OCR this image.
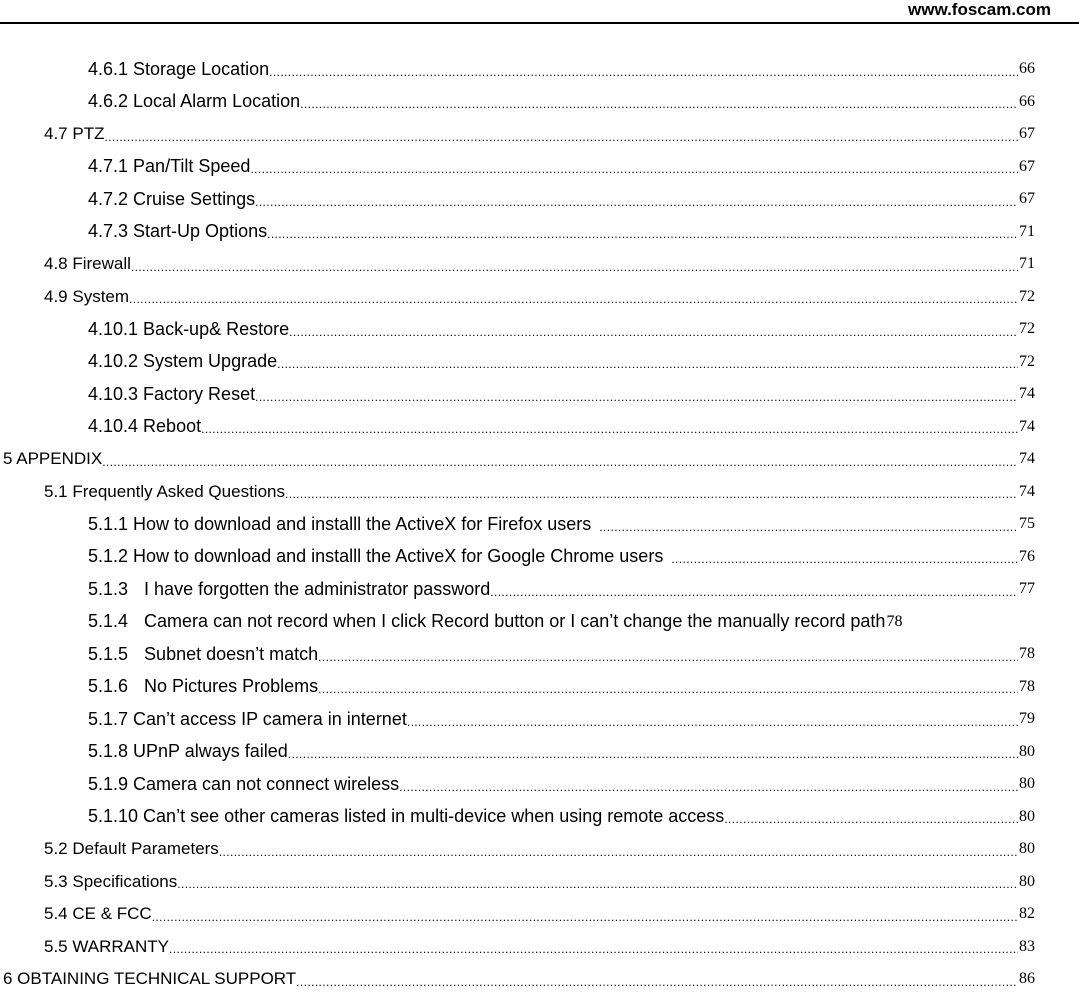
www.foscam.com
4.6.1 Storage Location .....	66
4.6.2 Local Alarm Location .....	66
4.7 PTZ .....	67
4.7.1 Pan/Tilt Speed .....	67
4.7.2 Cruise Settings .....	67
4.7.3 Start-Up Options .....	71
4.8 Firewall .....	71
4.9 System .....	72
4.10.1 Back-up& Restore .....	72
4.10.2 System Upgrade .....	72
4.10.3 Factory Reset .....	74
4.10.4 Reboot .....	74
5 APPENDIX .....	74
5.1 Frequently Asked Questions .....	74
5.1.1 How to download and installl the ActiveX for Firefox users .....	75
5.1.2 How to download and installl the ActiveX for Google Chrome users .....	76
5.1.3 I have forgotten the administrator password .....	77
5.1.4 Camera can not record when I click Record button or I can’t change the manually record path 78
5.1.5 Subnet doesn’t match .....	78
5.1.6 No Pictures Problems .....	78
5.1.7 Can’t access IP camera in internet .....	79
5.1.8 UPnP always failed .....	80
5.1.9 Camera can not connect wireless .....	80
5.1.10 Can’t see other cameras listed in multi-device when using remote access .....	80
5.2 Default Parameters .....	80
5.3 Specifications .....	80
5.4 CE & FCC .....	82
5.5 WARRANTY .....	83
6 OBTAINING TECHNICAL SUPPORT .....	86
